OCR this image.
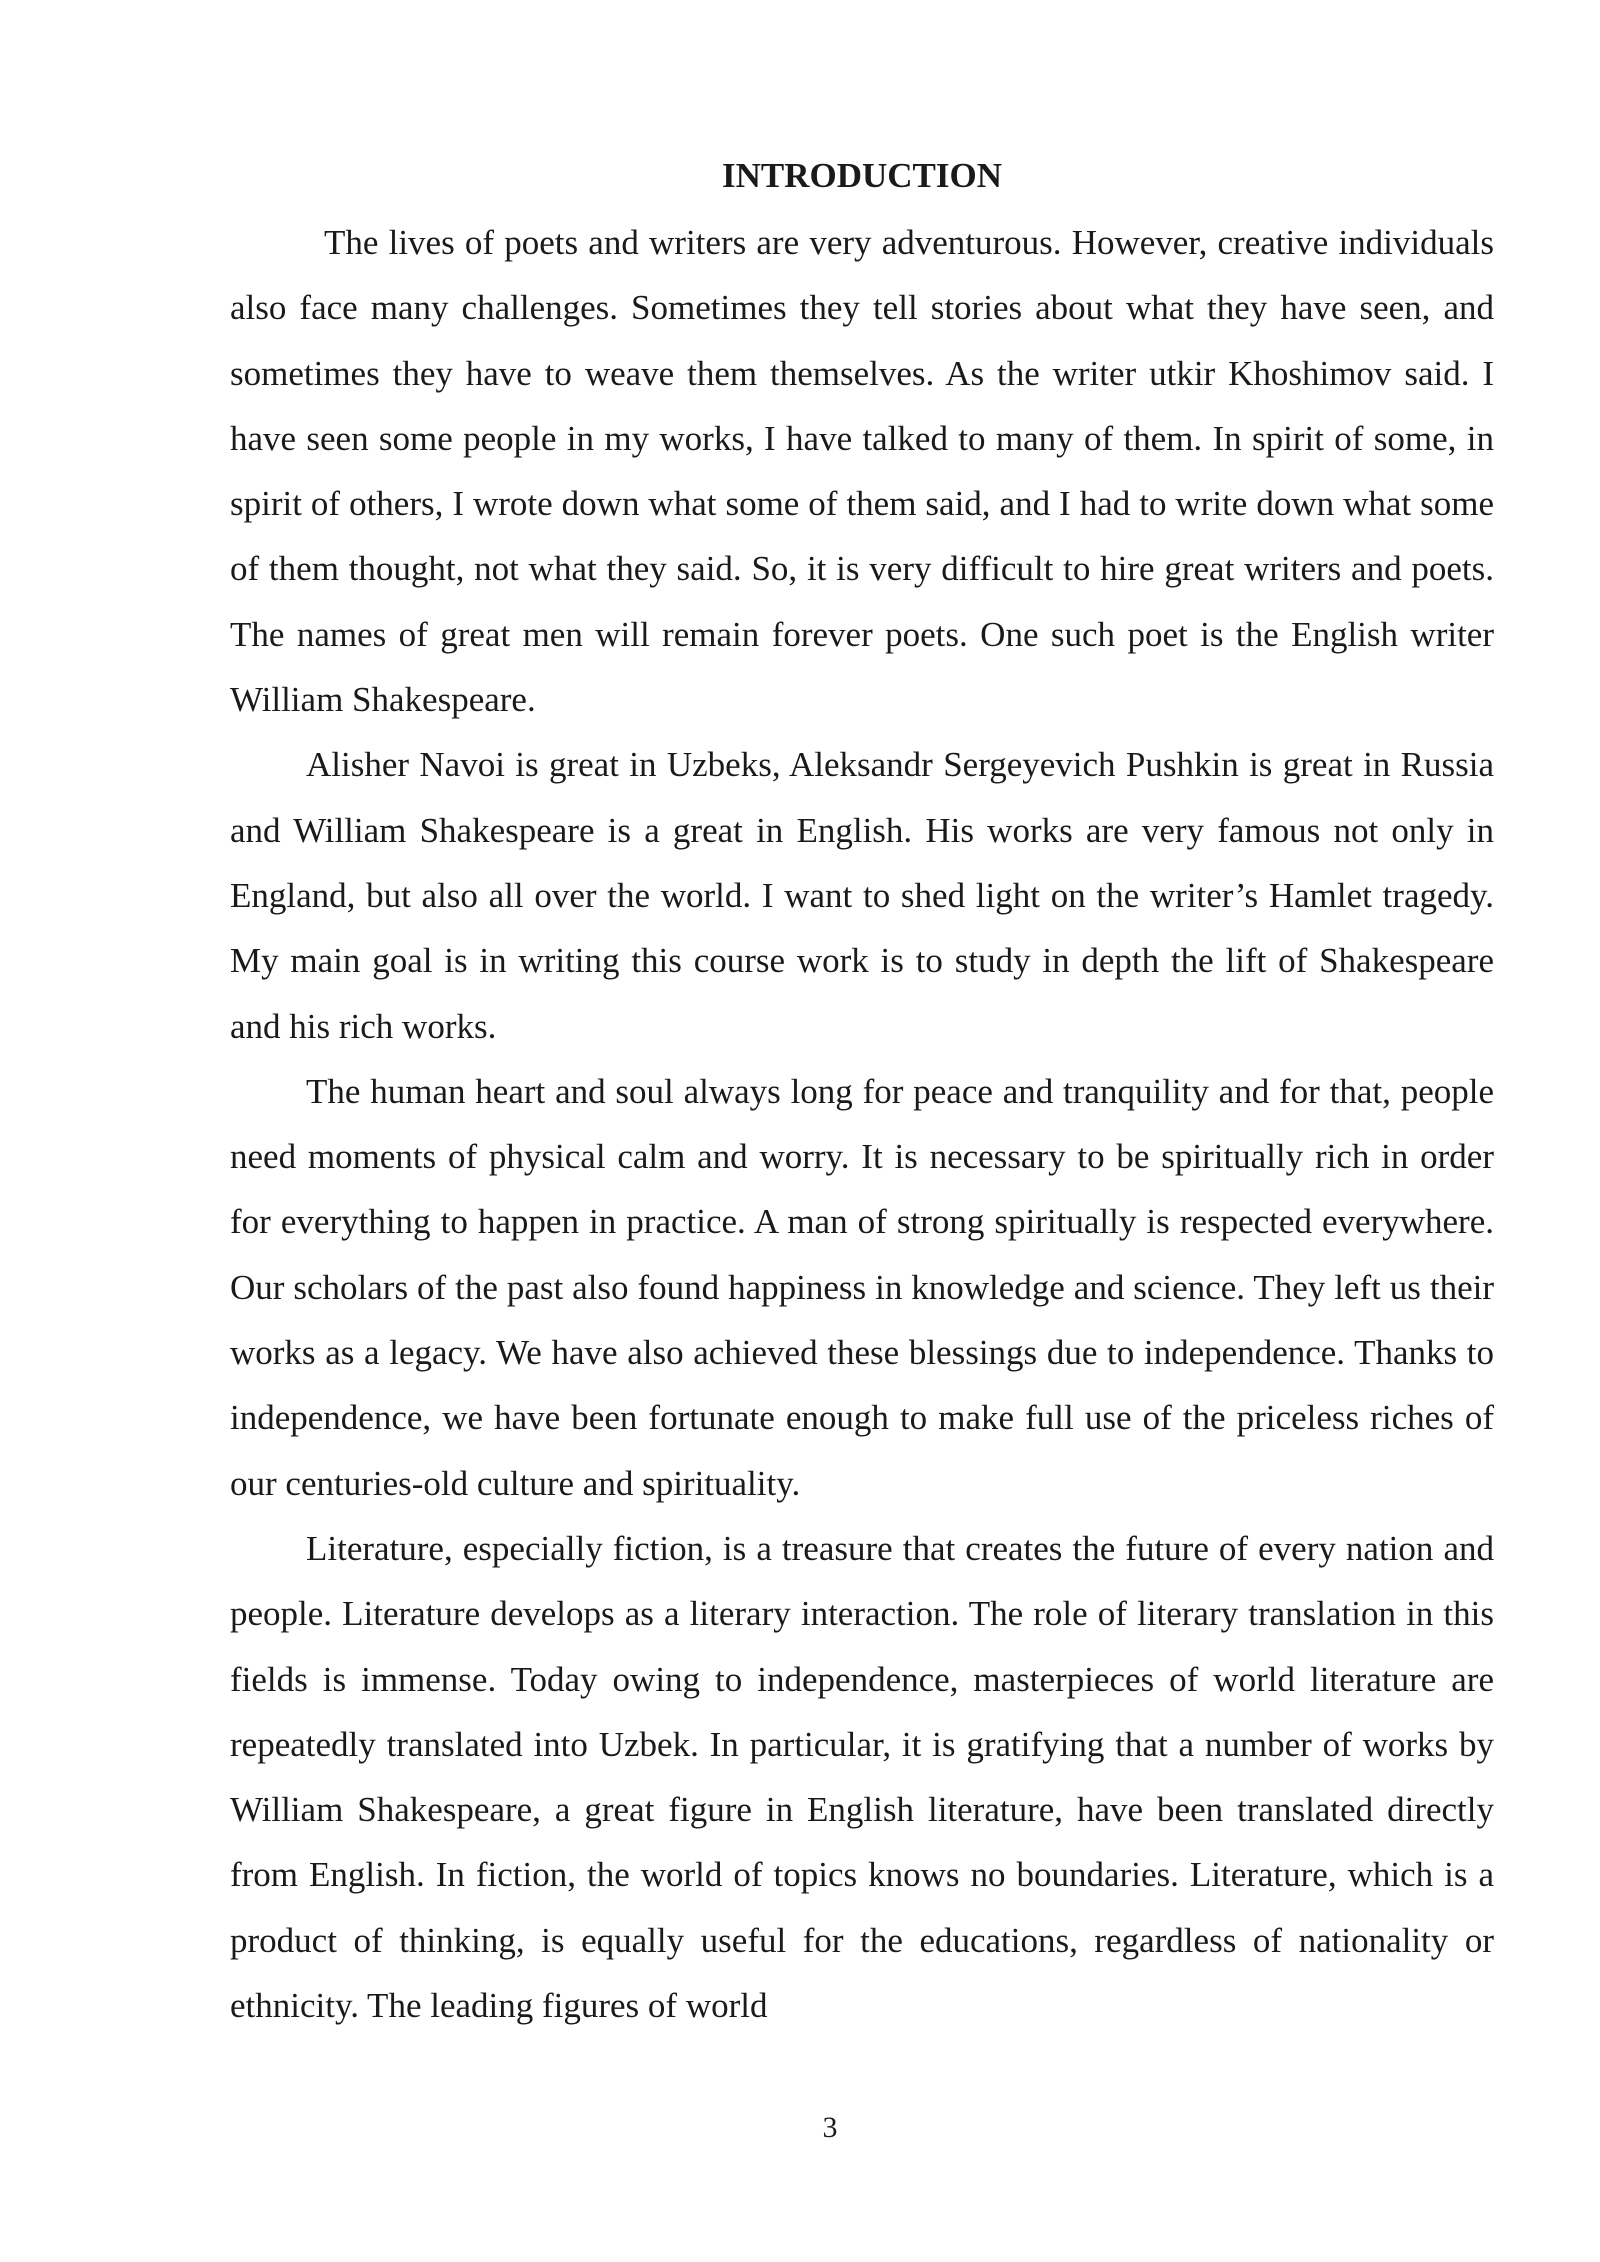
INTRODUCTION

The lives of poets and writers are very adventurous. However, creative individuals also face many challenges. Sometimes they tell stories about what they have seen, and sometimes they have to weave them themselves. As the writer utkir Khoshimov said. I have seen some people in my works, I have talked to many of them. In spirit of some, in spirit of others, I wrote down what some of them said, and I had to write down what some of them thought, not what they said. So, it is very difficult to hire great writers and poets. The names of great men will remain forever poets. One such poet is the English writer William Shakespeare.

Alisher Navoi is great in Uzbeks, Aleksandr Sergeyevich Pushkin is great in Russia and William Shakespeare is a great in English. His works are very famous not only in England, but also all over the world. I want to shed light on the writer’s Hamlet tragedy. My main goal is in writing this course work is to study in depth the lift of Shakespeare and his rich works.

The human heart and soul always long for peace and tranquility and for that, people need moments of physical calm and worry. It is necessary to be spiritually rich in order for everything to happen in practice. A man of strong spiritually is respected everywhere. Our scholars of the past also found happiness in knowledge and science. They left us their works as a legacy. We have also achieved these blessings due to independence. Thanks to independence, we have been fortunate enough to make full use of the priceless riches of our centuries-old culture and spirituality.

Literature, especially fiction, is a treasure that creates the future of every nation and people. Literature develops as a literary interaction. The role of literary translation in this fields is immense. Today owing to independence, masterpieces of world literature are repeatedly translated into Uzbek. In particular, it is gratifying that a number of works by William Shakespeare, a great figure in English literature, have been translated directly from English. In fiction, the world of topics knows no boundaries. Literature, which is a product of thinking, is equally useful for the educations, regardless of nationality or ethnicity. The leading figures of world

3
